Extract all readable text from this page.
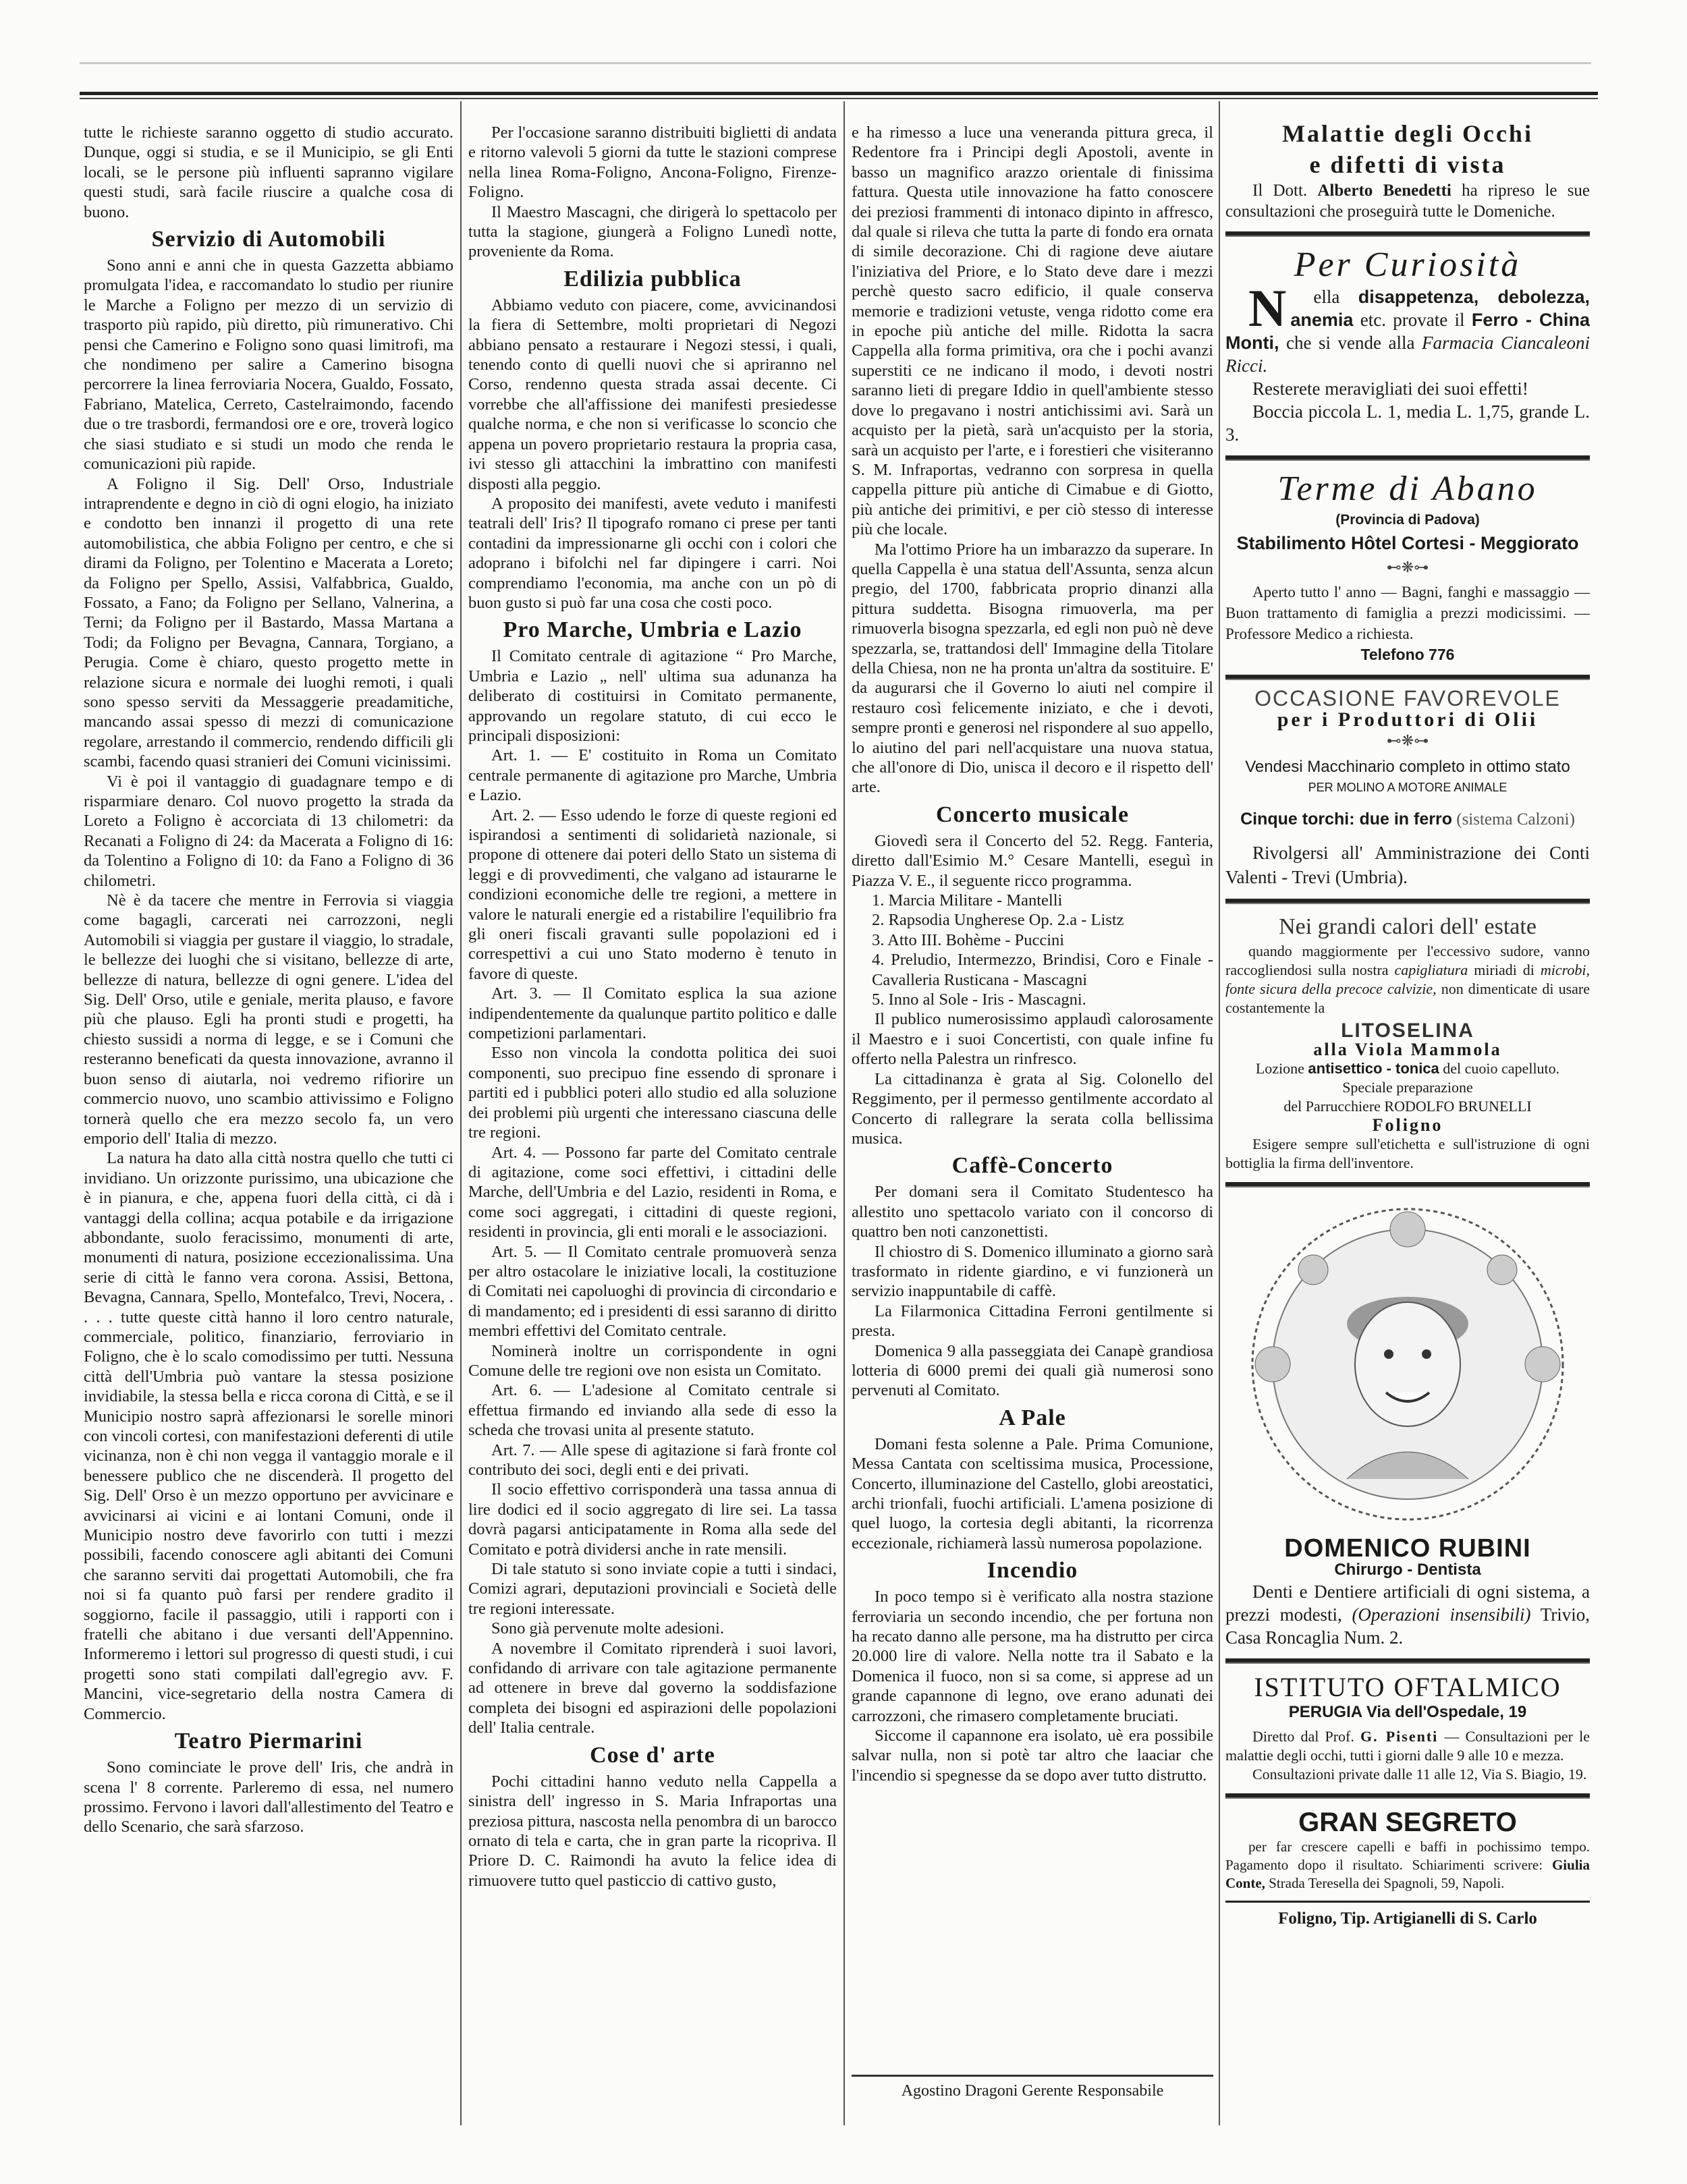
tutte le richieste saranno oggetto di studio accurato. Dunque, oggi si studia, e se il Municipio, se gli Enti locali, se le persone più influenti sapranno vigilare questi studi, sarà facile riuscire a qualche cosa di buono.

Servizio di Automobili

Sono anni e anni che in questa Gazzetta abbiamo promulgata l'idea, e raccomandato lo studio per riunire le Marche a Foligno per mezzo di un servizio di trasporto più rapido, più diretto, più rimunerativo. Chi pensi che Camerino e Foligno sono quasi limitrofi, ma che nondimeno per salire a Camerino bisogna percorrere la linea ferroviaria Nocera, Gualdo, Fossato, Fabriano, Matelica, Cerreto, Castelraimondo, facendo due o tre trasbordi, fermandosi ore e ore, troverà logico che siasi studiato e si studi un modo che renda le comunicazioni più rapide.

A Foligno il Sig. Dell' Orso, Industriale intraprendente e degno in ciò di ogni elogio, ha iniziato e condotto ben innanzi il progetto di una rete automobilistica, che abbia Foligno per centro, e che si dirami da Foligno, per Tolentino e Macerata a Loreto; da Foligno per Spello, Assisi, Valfabbrica, Gualdo, Fossato, a Fano; da Foligno per Sellano, Valnerina, a Terni; da Foligno per il Bastardo, Massa Martana a Todi; da Foligno per Bevagna, Cannara, Torgiano, a Perugia. Come è chiaro, questo progetto mette in relazione sicura e normale dei luoghi remoti, i quali sono spesso serviti da Messaggerie preadamitiche, mancando assai spesso di mezzi di comunicazione regolare, arrestando il commercio, rendendo difficili gli scambi, facendo quasi stranieri dei Comuni vicinissimi.

Vi è poi il vantaggio di guadagnare tempo e di risparmiare denaro. Col nuovo progetto la strada da Loreto a Foligno è accorciata di 13 chilometri: da Recanati a Foligno di 24: da Macerata a Foligno di 16: da Tolentino a Foligno di 10: da Fano a Foligno di 36 chilometri.

Nè è da tacere che mentre in Ferrovia si viaggia come bagagli, carcerati nei carrozzoni, negli Automobili si viaggia per gustare il viaggio, lo stradale, le bellezze dei luoghi che si visitano, bellezze di arte, bellezze di natura, bellezze di ogni genere. L'idea del Sig. Dell' Orso, utile e geniale, merita plauso, e favore più che plauso. Egli ha pronti studi e progetti, ha chiesto sussidi a norma di legge, e se i Comuni che resteranno beneficati da questa innovazione, avranno il buon senso di aiutarla, noi vedremo rifiorire un commercio nuovo, uno scambio attivissimo e Foligno tornerà quello che era mezzo secolo fa, un vero emporio dell' Italia di mezzo.

La natura ha dato alla città nostra quello che tutti ci invidiano. Un orizzonte purissimo, una ubicazione che è in pianura, e che, appena fuori della città, ci dà i vantaggi della collina; acqua potabile e da irrigazione abbondante, suolo feracissimo, monumenti di arte, monumenti di natura, posizione eccezionalissima. Una serie di città le fanno vera corona. Assisi, Bettona, Bevagna, Cannara, Spello, Montefalco, Trevi, Nocera, . . . . tutte queste città hanno il loro centro naturale, commerciale, politico, finanziario, ferroviario in Foligno, che è lo scalo comodissimo per tutti. Nessuna città dell'Umbria può vantare la stessa posizione invidiabile, la stessa bella e ricca corona di Città, e se il Municipio nostro saprà affezionarsi le sorelle minori con vincoli cortesi, con manifestazioni deferenti di utile vicinanza, non è chi non vegga il vantaggio morale e il benessere publico che ne discenderà. Il progetto del Sig. Dell' Orso è un mezzo opportuno per avvicinare e avvicinarsi ai vicini e ai lontani Comuni, onde il Municipio nostro deve favorirlo con tutti i mezzi possibili, facendo conoscere agli abitanti dei Comuni che saranno serviti dai progettati Automobili, che fra noi si fa quanto può farsi per rendere gradito il soggiorno, facile il passaggio, utili i rapporti con i fratelli che abitano i due versanti dell'Appennino. Informeremo i lettori sul progresso di questi studi, i cui progetti sono stati compilati dall'egregio avv. F. Mancini, vice-segretario della nostra Camera di Commercio.

Teatro Piermarini

Sono cominciate le prove dell' Iris, che andrà in scena l' 8 corrente. Parleremo di essa, nel numero prossimo. Fervono i lavori dall'allestimento del Teatro e dello Scenario, che sarà sfarzoso.

Per l'occasione saranno distribuiti biglietti di andata e ritorno valevoli 5 giorni da tutte le stazioni comprese nella linea Roma-Foligno, Ancona-Foligno, Firenze-Foligno.

Il Maestro Mascagni, che dirigerà lo spettacolo per tutta la stagione, giungerà a Foligno Lunedì notte, proveniente da Roma.

Edilizia pubblica

Abbiamo veduto con piacere, come, avvicinandosi la fiera di Settembre, molti proprietari di Negozi abbiano pensato a restaurare i Negozi stessi, i quali, tenendo conto di quelli nuovi che si apriranno nel Corso, rendenno questa strada assai decente. Ci vorrebbe che all'affissione dei manifesti presiedesse qualche norma, e che non si verificasse lo sconcio che appena un povero proprietario restaura la propria casa, ivi stesso gli attacchini la imbrattino con manifesti disposti alla peggio.

A proposito dei manifesti, avete veduto i manifesti teatrali dell' Iris? Il tipografo romano ci prese per tanti contadini da impressionarne gli occhi con i colori che adoprano i bifolchi nel far dipingere i carri. Noi comprendiamo l'economia, ma anche con un pò di buon gusto si può far una cosa che costi poco.

Pro Marche, Umbria e Lazio

Il Comitato centrale di agitazione “ Pro Marche, Umbria e Lazio „ nell' ultima sua adunanza ha deliberato di costituirsi in Comitato permanente, approvando un regolare statuto, di cui ecco le principali disposizioni:

Art. 1. — E' costituito in Roma un Comitato centrale permanente di agitazione pro Marche, Umbria e Lazio.

Art. 2. — Esso udendo le forze di queste regioni ed ispirandosi a sentimenti di solidarietà nazionale, si propone di ottenere dai poteri dello Stato un sistema di leggi e di provvedimenti, che valgano ad istaurarne le condizioni economiche delle tre regioni, a mettere in valore le naturali energie ed a ristabilire l'equilibrio fra gli oneri fiscali gravanti sulle popolazioni ed i correspettivi a cui uno Stato moderno è tenuto in favore di queste.

Art. 3. — Il Comitato esplica la sua azione indipendentemente da qualunque partito politico e dalle competizioni parlamentari.

Esso non vincola la condotta politica dei suoi componenti, suo precipuo fine essendo di spronare i partiti ed i pubblici poteri allo studio ed alla soluzione dei problemi più urgenti che interessano ciascuna delle tre regioni.

Art. 4. — Possono far parte del Comitato centrale di agitazione, come soci effettivi, i cittadini delle Marche, dell'Umbria e del Lazio, residenti in Roma, e come soci aggregati, i cittadini di queste regioni, residenti in provincia, gli enti morali e le associazioni.

Art. 5. — Il Comitato centrale promuoverà senza per altro ostacolare le iniziative locali, la costituzione di Comitati nei capoluoghi di provincia di circondario e di mandamento; ed i presidenti di essi saranno di diritto membri effettivi del Comitato centrale.

Nominerà inoltre un corrispondente in ogni Comune delle tre regioni ove non esista un Comitato.

Art. 6. — L'adesione al Comitato centrale si effettua firmando ed inviando alla sede di esso la scheda che trovasi unita al presente statuto.

Art. 7. — Alle spese di agitazione si farà fronte col contributo dei soci, degli enti e dei privati.

Il socio effettivo corrisponderà una tassa annua di lire dodici ed il socio aggregato di lire sei. La tassa dovrà pagarsi anticipatamente in Roma alla sede del Comitato e potrà dividersi anche in rate mensili.

Di tale statuto si sono inviate copie a tutti i sindaci, Comizi agrari, deputazioni provinciali e Società delle tre regioni interessate.

Sono già pervenute molte adesioni.

A novembre il Comitato riprenderà i suoi lavori, confidando di arrivare con tale agitazione permanente ad ottenere in breve dal governo la soddisfazione completa dei bisogni ed aspirazioni delle popolazioni dell' Italia centrale.

Cose d' arte

Pochi cittadini hanno veduto nella Cappella a sinistra dell' ingresso in S. Maria Infraportas una preziosa pittura, nascosta nella penombra di un barocco ornato di tela e carta, che in gran parte la ricopriva. Il Priore D. C. Raimondi ha avuto la felice idea di rimuovere tutto quel pasticcio di cattivo gusto,

e ha rimesso a luce una veneranda pittura greca, il Redentore fra i Principi degli Apostoli, avente in basso un magnifico arazzo orientale di finissima fattura. Questa utile innovazione ha fatto conoscere dei preziosi frammenti di intonaco dipinto in affresco, dal quale si rileva che tutta la parte di fondo era ornata di simile decorazione. Chi di ragione deve aiutare l'iniziativa del Priore, e lo Stato deve dare i mezzi perchè questo sacro edificio, il quale conserva memorie e tradizioni vetuste, venga ridotto come era in epoche più antiche del mille. Ridotta la sacra Cappella alla forma primitiva, ora che i pochi avanzi superstiti ce ne indicano il modo, i devoti nostri saranno lieti di pregare Iddio in quell'ambiente stesso dove lo pregavano i nostri antichissimi avi. Sarà un acquisto per la pietà, sarà un'acquisto per la storia, sarà un acquisto per l'arte, e i forestieri che visiteranno S. M. Infraportas, vedranno con sorpresa in quella cappella pitture più antiche di Cimabue e di Giotto, più antiche dei primitivi, e per ciò stesso di interesse più che locale.

Ma l'ottimo Priore ha un imbarazzo da superare. In quella Cappella è una statua dell'Assunta, senza alcun pregio, del 1700, fabbricata proprio dinanzi alla pittura suddetta. Bisogna rimuoverla, ma per rimuoverla bisogna spezzarla, ed egli non può nè deve spezzarla, se, trattandosi dell' Immagine della Titolare della Chiesa, non ne ha pronta un'altra da sostituire. E' da augurarsi che il Governo lo aiuti nel compire il restauro così felicemente iniziato, e che i devoti, sempre pronti e generosi nel rispondere al suo appello, lo aiutino del pari nell'acquistare una nuova statua, che all'onore di Dio, unisca il decoro e il rispetto dell' arte.

Concerto musicale

Giovedì sera il Concerto del 52. Regg. Fanteria, diretto dall'Esimio M.° Cesare Mantelli, eseguì in Piazza V. E., il seguente ricco programma.

1. Marcia Militare - Mantelli

2. Rapsodia Ungherese Op. 2.a - Listz

3. Atto III. Bohème - Puccini

4. Preludio, Intermezzo, Brindisi, Coro e Finale - Cavalleria Rusticana - Mascagni

5. Inno al Sole - Iris - Mascagni.

Il publico numerosissimo applaudì calorosamente il Maestro e i suoi Concertisti, con quale infine fu offerto nella Palestra un rinfresco.

La cittadinanza è grata al Sig. Colonello del Reggimento, per il permesso gentilmente accordato al Concerto di rallegrare la serata colla bellissima musica.

Caffè-Concerto

Per domani sera il Comitato Studentesco ha allestito uno spettacolo variato con il concorso di quattro ben noti canzonettisti.

Il chiostro di S. Domenico illuminato a giorno sarà trasformato in ridente giardino, e vi funzionerà un servizio inappuntabile di caffè.

La Filarmonica Cittadina Ferroni gentilmente si presta.

Domenica 9 alla passeggiata dei Canapè grandiosa lotteria di 6000 premi dei quali già numerosi sono pervenuti al Comitato.

A Pale

Domani festa solenne a Pale. Prima Comunione, Messa Cantata con sceltissima musica, Processione, Concerto, illuminazione del Castello, globi areostatici, archi trionfali, fuochi artificiali. L'amena posizione di quel luogo, la cortesia degli abitanti, la ricorrenza eccezionale, richiamerà lassù numerosa popolazione.

Incendio

In poco tempo si è verificato alla nostra stazione ferroviaria un secondo incendio, che per fortuna non ha recato danno alle persone, ma ha distrutto per circa 20.000 lire di valore. Nella notte tra il Sabato e la Domenica il fuoco, non si sa come, si apprese ad un grande capannone di legno, ove erano adunati dei carrozzoni, che rimasero completamente bruciati.

Siccome il capannone era isolato, uè era possibile salvar nulla, non si potè tar altro che laaciar che l'incendio si spegnesse da se dopo aver tutto distrutto.

Agostino Dragoni Gerente Responsabile
Malattie degli Occhi
e difetti di vista

Il Dott. Alberto Benedetti ha ripreso le sue consultazioni che proseguirà tutte le Domeniche.

Per Curiosità

N ella disappetenza, debolezza, anemia etc. provate il Ferro - China Monti, che si vende alla Farmacia Ciancaleoni Ricci.

Resterete meravigliati dei suoi effetti!

Boccia piccola L. 1, media L. 1,75, grande L. 3.

Terme di Abano
(Provincia di Padova)
Stabilimento Hôtel Cortesi - Meggiorato
⊷❋⊶

Aperto tutto l' anno — Bagni, fanghi e massaggio — Buon trattamento di famiglia a prezzi modicissimi. — Professore Medico a richiesta.

Telefono 776
OCCASIONE FAVOREVOLE
per i Produttori di Olii
⊷❋⊶
Vendesi Macchinario completo in ottimo stato
PER MOLINO A MOTORE ANIMALE
Cinque torchi: due in ferro (sistema Calzoni)

Rivolgersi all' Amministrazione dei Conti Valenti - Trevi (Umbria).

Nei grandi calori dell' estate

quando maggiormente per l'eccessivo sudore, vanno raccogliendosi sulla nostra capigliatura miriadi di microbi, fonte sicura della precoce calvizie, non dimenticate di usare costantemente la

LITOSELINA
alla Viola Mammola
Lozione antisettico - tonica del cuoio capelluto.
Speciale preparazione
del Parrucchiere RODOLFO BRUNELLI
Foligno

Esigere sempre sull'etichetta e sull'istruzione di ogni bottiglia la firma dell'inventore.

DOMENICO RUBINI
Chirurgo - Dentista

Denti e Dentiere artificiali di ogni sistema, a prezzi modesti, (Operazioni insensibili) Trivio, Casa Roncaglia Num. 2.

ISTITUTO OFTALMICO
PERUGIA Via dell'Ospedale, 19

Diretto dal Prof. G. Pisenti — Consultazioni per le malattie degli occhi, tutti i giorni dalle 9 alle 10 e mezza.

Consultazioni private dalle 11 alle 12, Via S. Biagio, 19.

GRAN SEGRETO

per far crescere capelli e baffi in pochissimo tempo. Pagamento dopo il risultato. Schiarimenti scrivere: Giulia Conte, Strada Teresella dei Spagnoli, 59, Napoli.

Foligno, Tip. Artigianelli di S. Carlo
